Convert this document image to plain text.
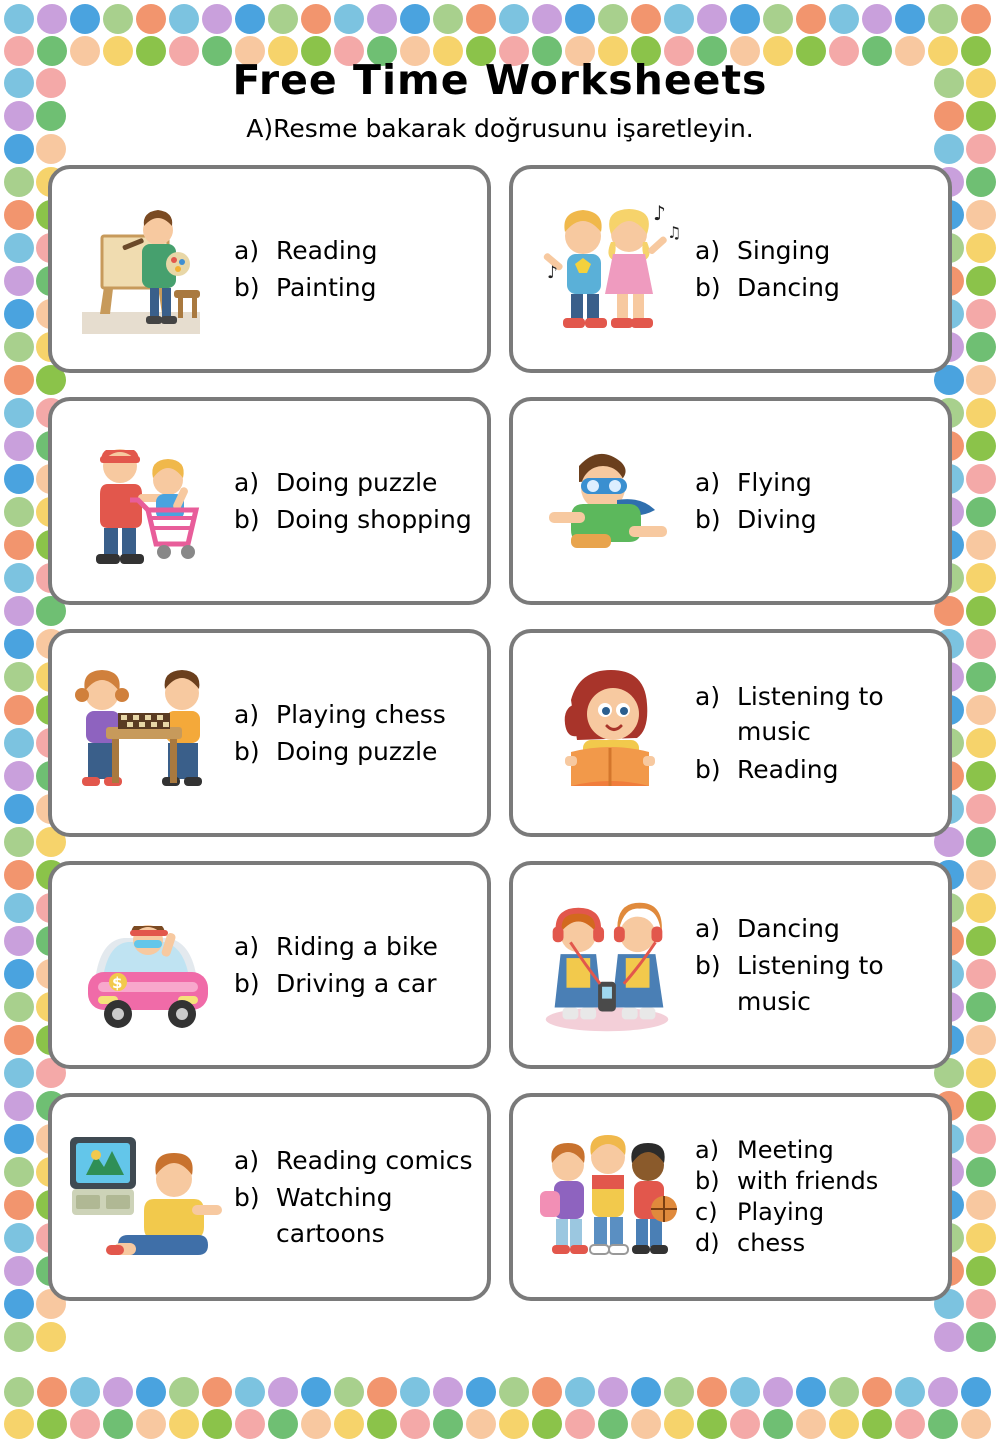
Free Time Worksheets
A)Resme bakarak doğrusunu işaretleyin.
a) Reading
b) Painting
♪
♫
♪
a) Singing
b) Dancing
a) Doing puzzle
b) Doing shopping
a) Flying
b) Diving
a) Playing chess
b) Doing puzzle
a) Listening to music
b) Reading
$
a) Riding a bike
b) Driving a car
a) Dancing
b) Listening to music
a) Reading comics
b) Watching cartoons
a) Meeting
b) with friends
c) Playing
d) chess
